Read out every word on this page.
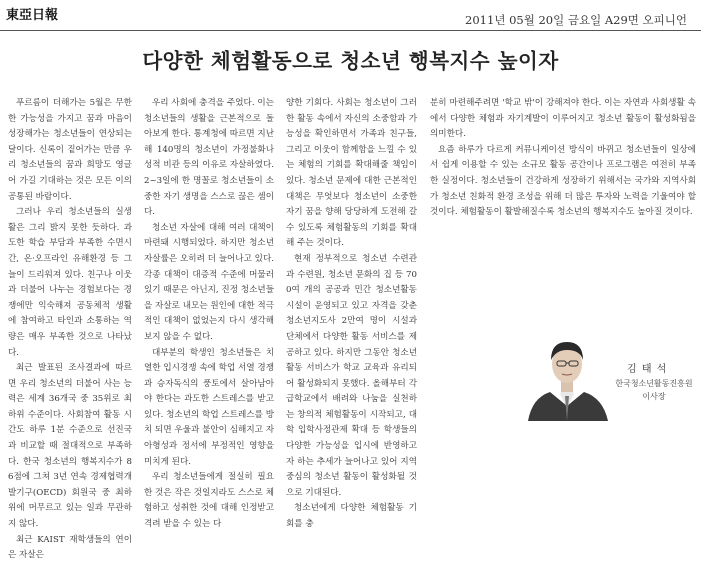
東亞日報	2011년 05월 20일 금요일 A29면 오피니언
다양한 체험활동으로 청소년 행복지수 높이자

푸르름이 더해가는 5월은 무한한 가능성을 가지고 꿈과 마음이 성장해가는 청소년들이 연상되는 달이다. 신록이 짙어가는 만큼 우리 청소년들의 꿈과 희망도 영글어 가길 기대하는 것은 모든 이의 공통된 바람이다.

그러나 우리 청소년들의 실생활은 그리 밝지 못한 듯하다. 과도한 학습 부담과 부족한 수면시간, 온·오프라인 유해환경 등 그늘이 드리워져 있다. 친구나 이웃과 더불어 나누는 경험보다는 경쟁에만 익숙해져 공동체적 생활에 참여하고 타인과 소통하는 역량은 매우 부족한 것으로 나타났다.

최근 발표된 조사결과에 따르면 우리 청소년의 더불어 사는 능력은 세계 36개국 중 35위로 최하위 수준이다. 사회참여 활동 시간도 하루 1분 수준으로 선진국과 비교할 때 절대적으로 부족하다. 한국 청소년의 행복지수가 86점에 그쳐 3년 연속 경제협력개발기구(OECD) 회원국 중 최하위에 머무르고 있는 일과 무관하지 않다.

최근 KAIST 재학생들의 연이은 자살은

우리 사회에 충격을 주었다. 이는 청소년들의 생활을 근본적으로 돌아보게 한다. 통계청에 따르면 지난해 140명의 청소년이 가정불화나 성적 비관 등의 이유로 자살하였다. 2~3일에 한 명꼴로 청소년들이 소중한 자기 생명을 스스로 끊은 셈이다.

청소년 자살에 대해 여러 대책이 마련돼 시행되었다. 하지만 청소년 자살률은 오히려 더 늘어나고 있다. 각종 대책이 대증적 수준에 머물러 있기 때문은 아닌지, 진정 청소년들을 자살로 내모는 원인에 대한 적극적인 대책이 없었는지 다시 생각해보지 않을 수 없다.

대부분의 학생인 청소년들은 치열한 입시경쟁 속에 학업 서열 경쟁과 승자독식의 풍토에서 살아남아야 한다는 과도한 스트레스를 받고 있다. 청소년의 학업 스트레스를 방치 되면 우울과 불안이 심해지고 자아형성과 정서에 부정적인 영향을 미치게 된다.

우리 청소년들에게 절실히 필요한 것은 작은 것일지라도 스스로 체험하고 성취한 것에 대해 인정받고 격려 받을 수 있는 다

양한 기회다. 사회는 청소년이 그러한 활동 속에서 자신의 소중함과 가능성을 확인하면서 가족과 친구들, 그리고 이웃이 함께함을 느낄 수 있는 체험의 기회를 확대해줄 책임이 있다. 청소년 문제에 대한 근본적인 대책은 무엇보다 청소년이 소중한 자기 꿈을 향해 당당하게 도전해 갈 수 있도록 체험활동의 기회를 확대해 주는 것이다.

현재 정부적으로 청소년 수련관과 수련원, 청소년 문화의 집 등 700여 개의 공공과 민간 청소년활동시설이 운영되고 있고 자격을 갖춘 청소년지도사 2만여 명이 시설과 단체에서 다양한 활동 서비스를 제공하고 있다. 하지만 그동안 청소년활동 서비스가 학교 교육과 유리되어 활성화되지 못했다. 올해부터 각급학교에서 배려와 나눔을 실천하는 창의적 체험활동이 시작되고, 대학 입학사정관제 확대 등 학생들의 다양한 가능성을 입시에 반영하고자 하는 추세가 늘어나고 있어 지역 중심의 청소년 활동이 활성화될 것으로 기대된다.

청소년에게 다양한 체험활동 기회를 충

분히 마련해주려면 '학교 밖'이 강해져야 한다. 이는 자연과 사회생활 속에서 다양한 체험과 자기계발이 이루어지고 청소년 활동이 활성화됨을 의미한다.

요즘 하루가 다르게 커뮤니케이션 방식이 바뀌고 청소년들이 일상에서 쉽게 이용할 수 있는 소규모 활동 공간이나 프로그램은 여전히 부족한 실정이다. 청소년들이 건강하게 성장하기 위해서는 국가와 지역사회가 청소년 친화적 환경 조성을 위해 더 많은 투자와 노력을 기울여야 할 것이다. 체험활동이 활발해질수록 청소년의 행복지수도 높아질 것이다.

김 태 석
한국청소년활동진흥원
이사장
